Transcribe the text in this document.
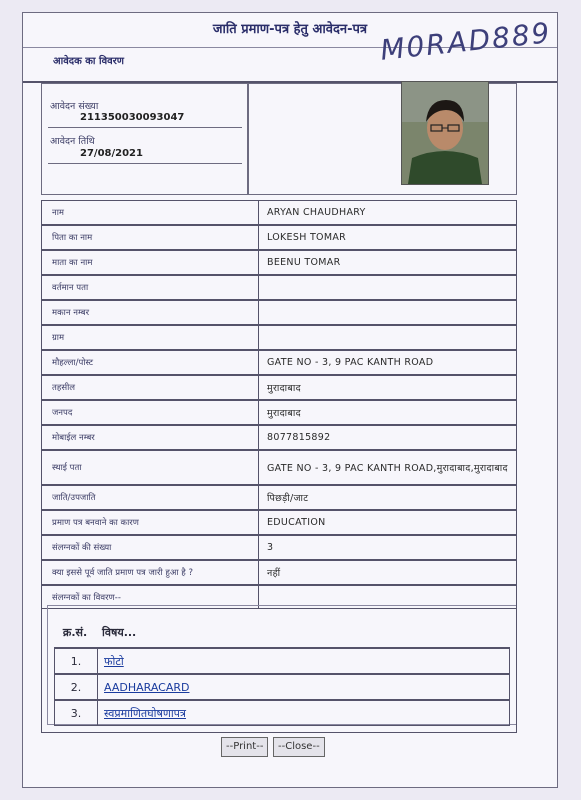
जाति प्रमाण-पत्र हेतु आवेदन-पत्र M0RAD889
आवेदक का विवरण
आवेदन संख्या
211350030093047
आवेदन तिथि
27/08/2021
नाम	ARYAN CHAUDHARY
पिता का नाम	LOKESH TOMAR
माता का नाम	BEENU TOMAR
वर्तमान पता
मकान नम्बर
ग्राम
मौहल्ला/पोस्ट	GATE NO - 3, 9 PAC KANTH ROAD
तहसील	मुरादाबाद
जनपद	मुरादाबाद
मोबाईल नम्बर	8077815892
स्थाई पता	GATE NO - 3, 9 PAC KANTH ROAD,मुरादाबाद,मुरादाबाद
जाति/उपजाति	पिछड़ी/जाट
प्रमाण पत्र बनवाने का कारण	EDUCATION
संलग्नकों की संख्या	3
क्या इससे पूर्व जाति प्रमाण पत्र जारी हुआ है ?	नहीं
संलग्नकों का विवरण--
क्र.सं.	विषय...
1.	फोटो
2.	AADHARACARD
3.	स्वप्रमाणितघोषणापत्र
--Print--	--Close--
